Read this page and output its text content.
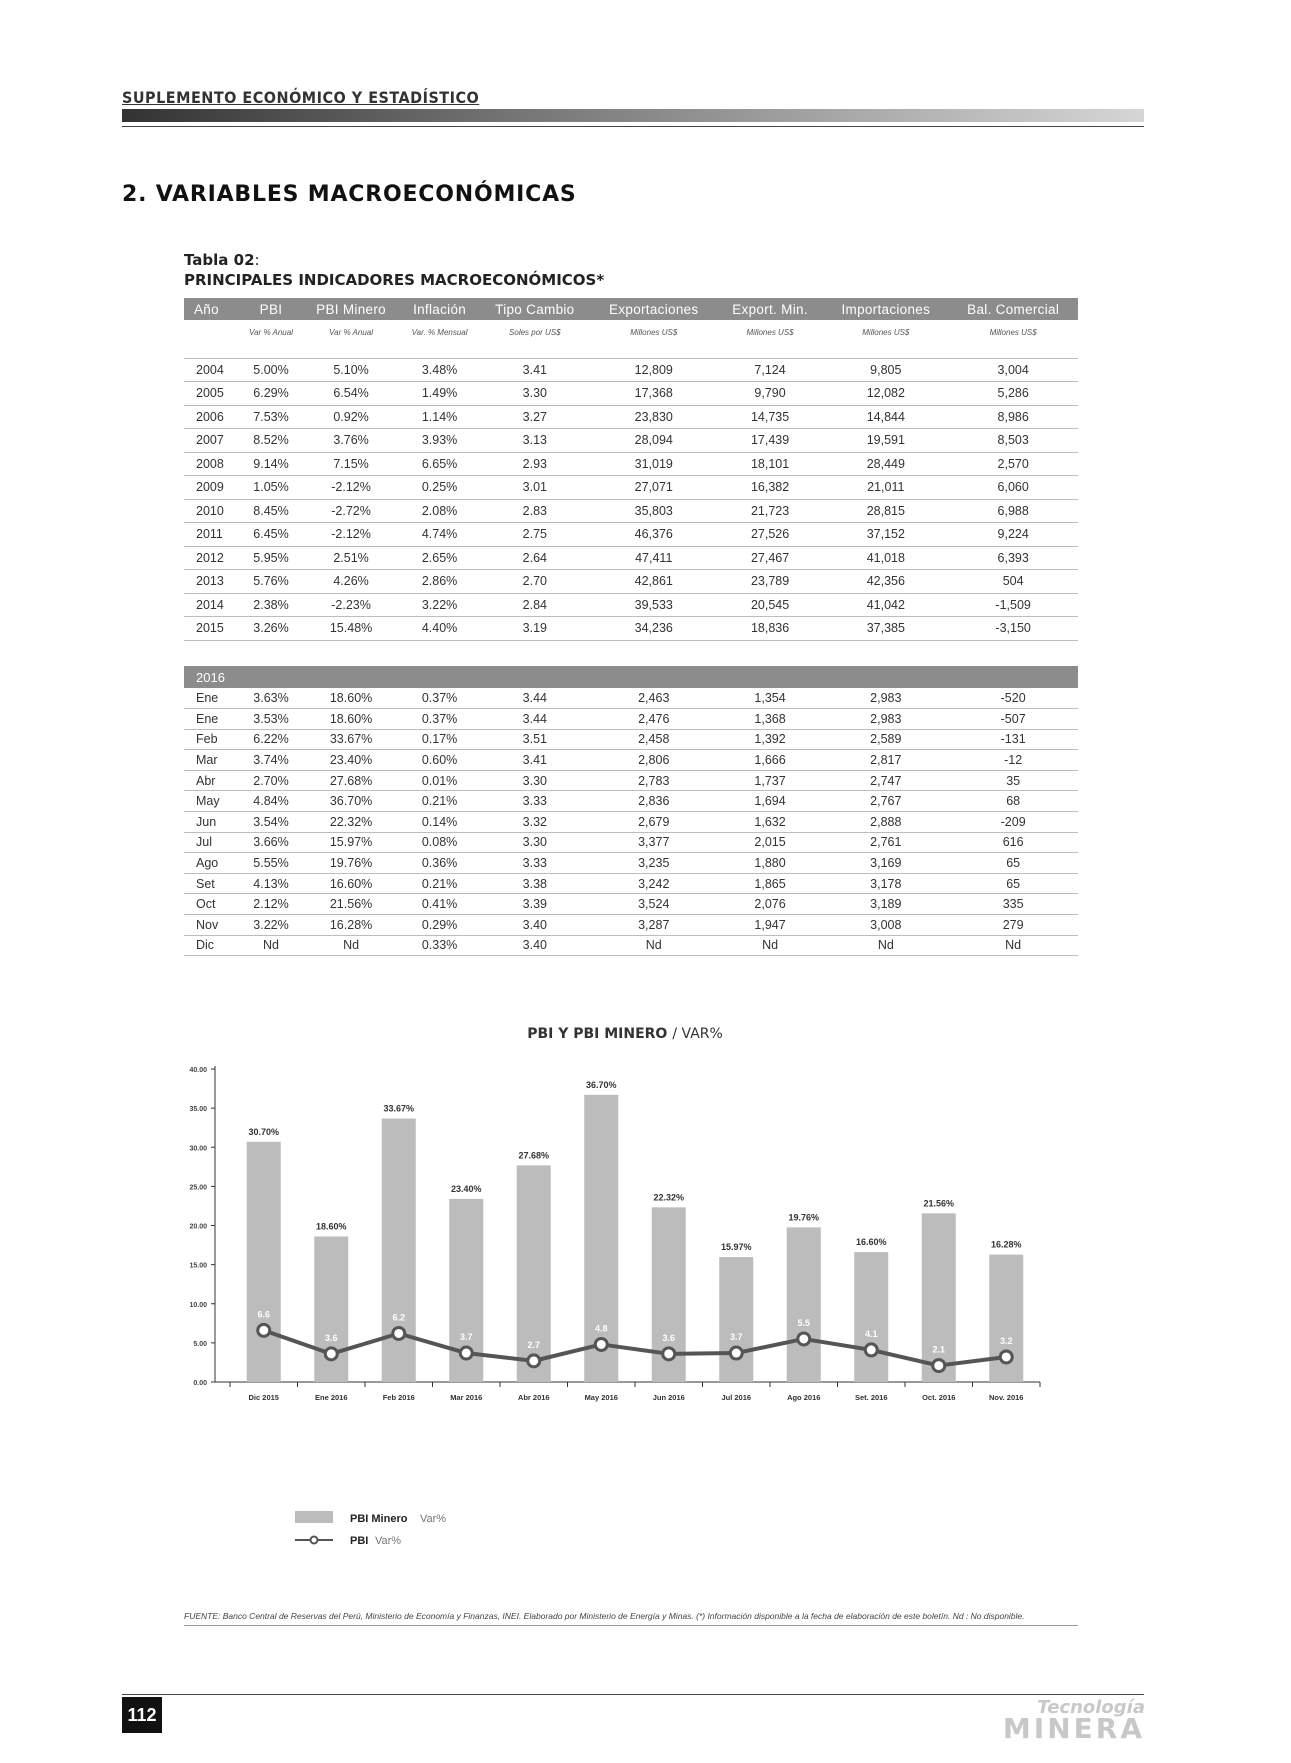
SUPLEMENTO ECONÓMICO Y ESTADÍSTICO
2. VARIABLES MACROECONÓMICAS
Tabla 02:
PRINCIPALES INDICADORES MACROECONÓMICOS*
Año	PBI	PBI Minero	Inflación	Tipo Cambio	Exportaciones	Export. Min.	Importaciones	Bal. Comercial
	Var % Anual	Var % Anual	Var. % Mensual	Soles por US$	Millones US$	Millones US$	Millones US$	Millones US$

2004	5.00%	5.10%	3.48%	3.41	12,809	7,124	9,805	3,004
2005	6.29%	6.54%	1.49%	3.30	17,368	9,790	12,082	5,286
2006	7.53%	0.92%	1.14%	3.27	23,830	14,735	14,844	8,986
2007	8.52%	3.76%	3.93%	3.13	28,094	17,439	19,591	8,503
2008	9.14%	7.15%	6.65%	2.93	31,019	18,101	28,449	2,570
2009	1.05%	-2.12%	0.25%	3.01	27,071	16,382	21,011	6,060
2010	8.45%	-2.72%	2.08%	2.83	35,803	21,723	28,815	6,988
2011	6.45%	-2.12%	4.74%	2.75	46,376	27,526	37,152	9,224
2012	5.95%	2.51%	2.65%	2.64	47,411	27,467	41,018	6,393
2013	5.76%	4.26%	2.86%	2.70	42,861	23,789	42,356	504
2014	2.38%	-2.23%	3.22%	2.84	39,533	20,545	41,042	-1,509
2015	3.26%	15.48%	4.40%	3.19	34,236	18,836	37,385	-3,150

2016								
Ene	3.63%	18.60%	0.37%	3.44	2,463	1,354	2,983	-520
Ene	3.53%	18.60%	0.37%	3.44	2,476	1,368	2,983	-507
Feb	6.22%	33.67%	0.17%	3.51	2,458	1,392	2,589	-131
Mar	3.74%	23.40%	0.60%	3.41	2,806	1,666	2,817	-12
Abr	2.70%	27.68%	0.01%	3.30	2,783	1,737	2,747	35
May	4.84%	36.70%	0.21%	3.33	2,836	1,694	2,767	68
Jun	3.54%	22.32%	0.14%	3.32	2,679	1,632	2,888	-209
Jul	3.66%	15.97%	0.08%	3.30	3,377	2,015	2,761	616
Ago	5.55%	19.76%	0.36%	3.33	3,235	1,880	3,169	65
Set	4.13%	16.60%	0.21%	3.38	3,242	1,865	3,178	65
Oct	2.12%	21.56%	0.41%	3.39	3,524	2,076	3,189	335
Nov	3.22%	16.28%	0.29%	3.40	3,287	1,947	3,008	279
Dic	Nd	Nd	0.33%	3.40	Nd	Nd	Nd	Nd
PBI Y PBI MINERO / VAR%
0.00
5.00
10.00
15.00
20.00
25.00
30.00
35.00
40.00
Dic 2015	Ene 2016	Feb 2016	Mar 2016	Abr 2016	May 2016	Jun 2016	Jul 2016	Ago 2016	Set. 2016	Oct. 2016	Nov. 2016
30.70%
18.60%
33.67%
23.40%
27.68%
36.70%
22.32%
15.97%
19.76%
16.60%
21.56%
16.28%
6.6
3.6
6.2
3.7
2.7
4.8
3.6	3.7
5.5
4.1
2.1
3.2
PBI Minero Var%
PBI Var%
FUENTE: Banco Central de Reservas del Perú, Ministerio de Economía y Finanzas, INEI. Elaborado por Ministerio de Energía y Minas. (*) Información disponible a la fecha de elaboración de este boletín. Nd : No disponible.
112	Tecnología
MINERA
